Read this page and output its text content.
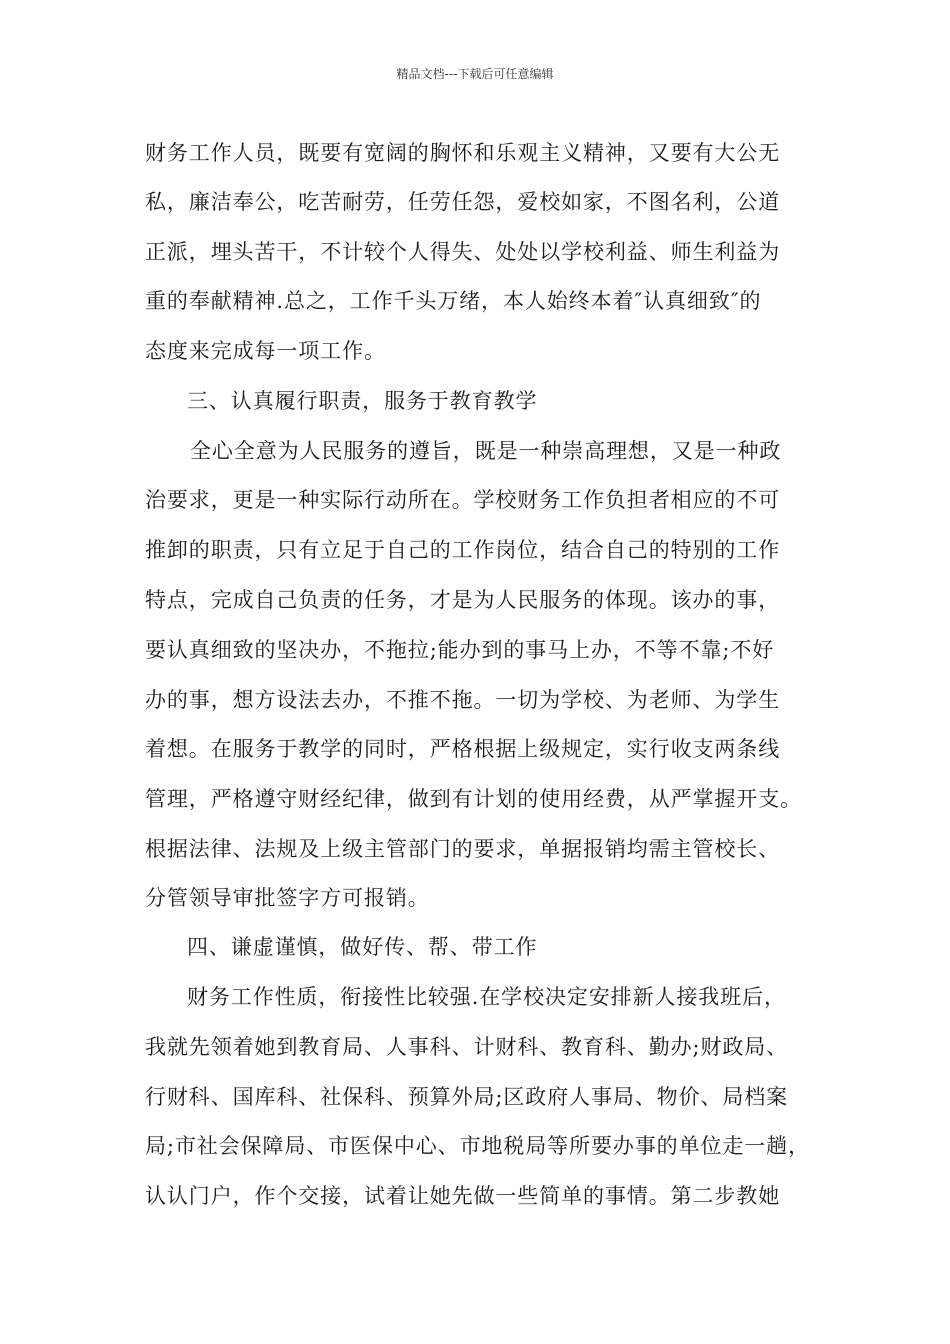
精品文档---下载后可任意编辑
财务工作人员，既要有宽阔的胸怀和乐观主义精神，又要有大公无
私，廉洁奉公，吃苦耐劳，任劳任怨，爱校如家，不图名利，公道
正派，埋头苦干，不计较个人得失、处处以学校利益、师生利益为
重的奉献精神.总之，工作千头万绪，本人始终本着″认真细致″的
态度来完成每一项工作。
三、认真履行职责，服务于教育教学
全心全意为人民服务的遵旨，既是一种崇高理想，又是一种政
治要求，更是一种实际行动所在。学校财务工作负担者相应的不可
推卸的职责，只有立足于自己的工作岗位，结合自己的特别的工作
特点，完成自己负责的任务，才是为人民服务的体现。该办的事，
要认真细致的坚决办，不拖拉;能办到的事马上办，不等不靠;不好
办的事，想方设法去办，不推不拖。一切为学校、为老师、为学生
着想。在服务于教学的同时，严格根据上级规定，实行收支两条线
管理，严格遵守财经纪律，做到有计划的使用经费，从严掌握开支。
根据法律、法规及上级主管部门的要求，单据报销均需主管校长、
分管领导审批签字方可报销。
四、谦虚谨慎，做好传、帮、带工作
财务工作性质，衔接性比较强.在学校决定安排新人接我班后，
我就先领着她到教育局、人事科、计财科、教育科、勤办;财政局、
行财科、国库科、社保科、预算外局;区政府人事局、物价、局档案
局;市社会保障局、市医保中心、市地税局等所要办事的单位走一趟，
认认门户，作个交接，试着让她先做一些简单的事情。第二步教她
